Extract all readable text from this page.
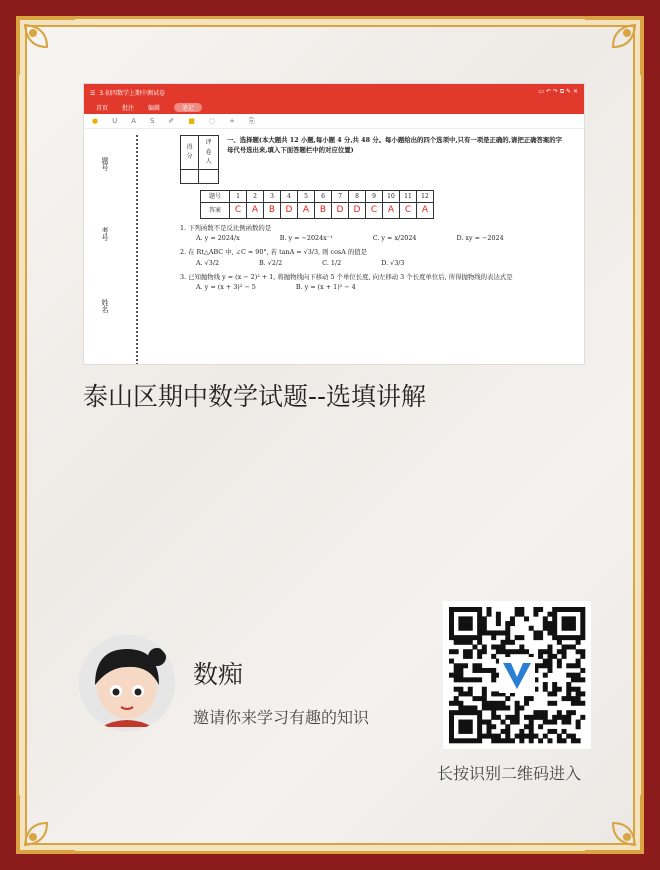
☰ 3.初四数学上期中测试卷	▭ ↶ ↷ ⧉ ✎ ✕
首页 批注 编辑	笔记
● U A S ✐ ■ ◌ + ⎘
题号
考号
姓名
得分	评卷人

一、选择题(本大题共 12 小题,每小题 4 分,共 48 分。每小题给出的四个选项中,只有一项是正确的,请把正确答案的字母代号选出来,填入下面答题栏中的对应位置)
题号	1	2	3	4	5	6	7	8	9	10	11	12
答案	C	A	B	D	A	B	D	D	C	A	C	A
1. 下列函数不是反比例函数的是
A. y = 2024/x	B. y = −2024x⁻¹	C. y = x/2024	D. xy = −2024
2. 在 Rt△ABC 中, ∠C = 90°, 若 tanA = √3/3, 则 cosA 的值是
A. √3/2	B. √2/2	C. 1/2	D. √3/3
3. 已知抛物线 y = (x − 2)² + 1, 将抛物线向下移动 5 个单位长度, 向左移动 3 个长度单位后, 所得抛物线的表达式是
A. y = (x + 3)² − 5	B. y = (x + 1)² − 4
泰山区期中数学试题--选填讲解
数痴
邀请你来学习有趣的知识
长按识别二维码进入
